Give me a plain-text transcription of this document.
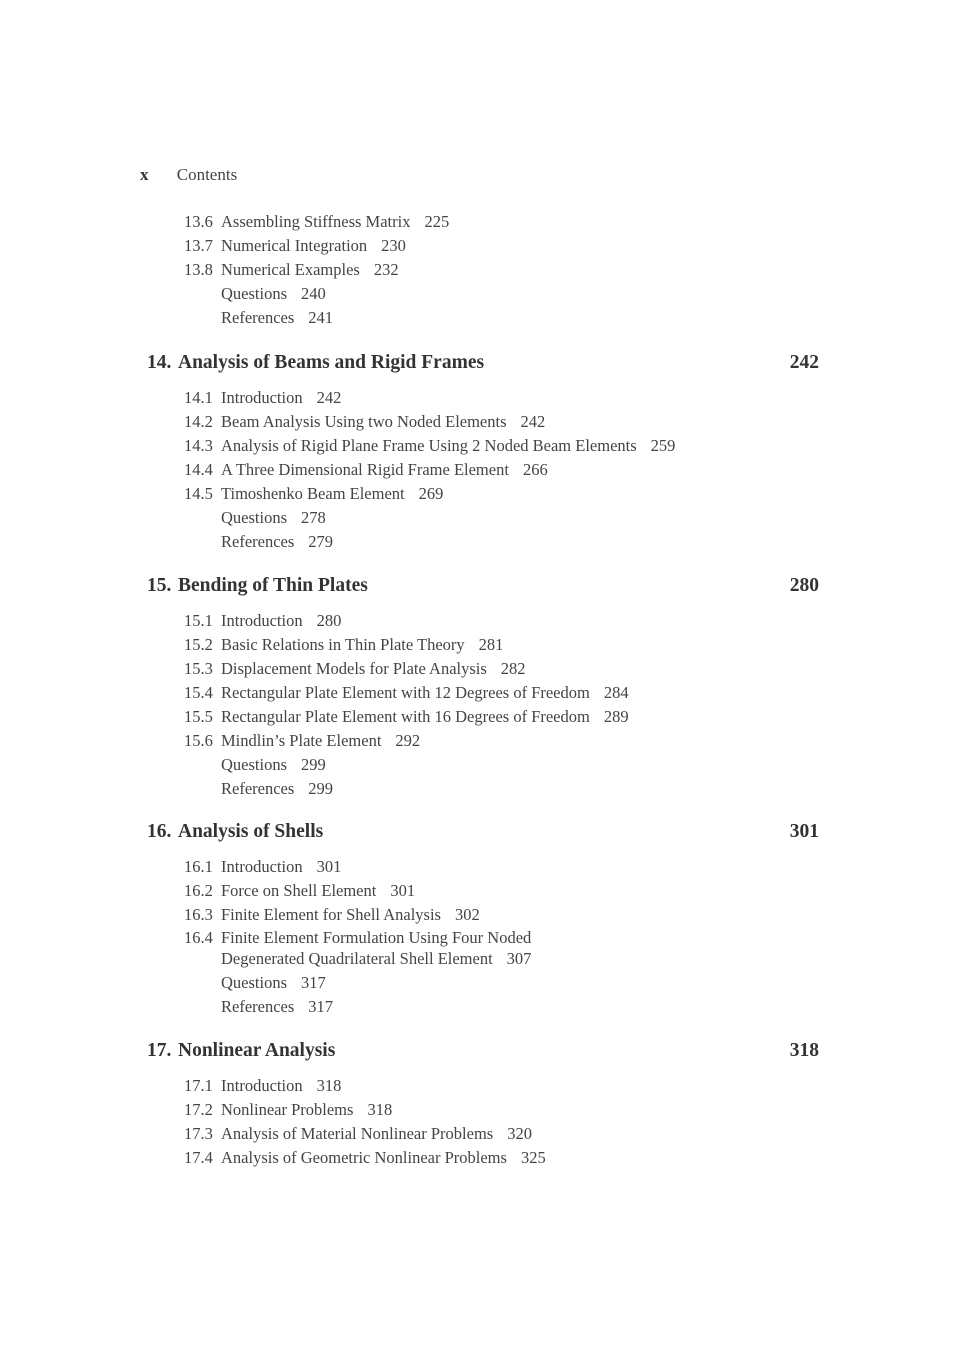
x Contents
13.6 Assembling Stiffness Matrix 225
13.7 Numerical Integration 230
13.8 Numerical Examples 232
Questions 240
References 241
14. Analysis of Beams and Rigid Frames	242
14.1 Introduction 242
14.2 Beam Analysis Using two Noded Elements 242
14.3 Analysis of Rigid Plane Frame Using 2 Noded Beam Elements 259
14.4 A Three Dimensional Rigid Frame Element 266
14.5 Timoshenko Beam Element 269
Questions 278
References 279
15. Bending of Thin Plates	280
15.1 Introduction 280
15.2 Basic Relations in Thin Plate Theory 281
15.3 Displacement Models for Plate Analysis 282
15.4 Rectangular Plate Element with 12 Degrees of Freedom 284
15.5 Rectangular Plate Element with 16 Degrees of Freedom 289
15.6 Mindlin’s Plate Element 292
Questions 299
References 299
16. Analysis of Shells	301
16.1 Introduction 301
16.2 Force on Shell Element 301
16.3 Finite Element for Shell Analysis 302
16.4 Finite Element Formulation Using Four Noded
Degenerated Quadrilateral Shell Element 307
Questions 317
References 317
17. Nonlinear Analysis	318
17.1 Introduction 318
17.2 Nonlinear Problems 318
17.3 Analysis of Material Nonlinear Problems 320
17.4 Analysis of Geometric Nonlinear Problems 325
